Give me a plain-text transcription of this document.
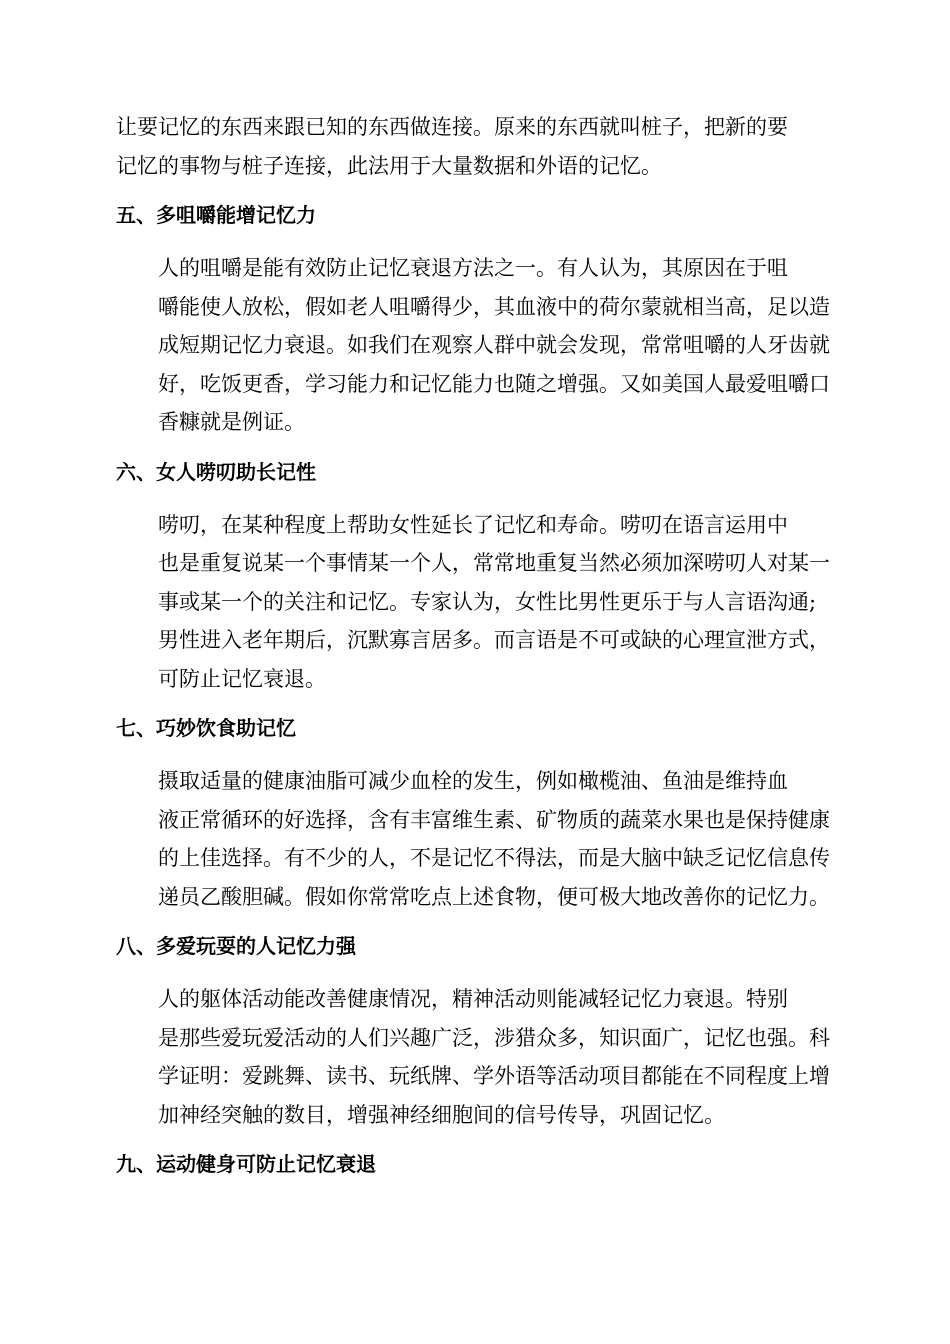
让要记忆的东西来跟已知的东西做连接。原来的东西就叫桩子，把新的要
记忆的事物与桩子连接，此法用于大量数据和外语的记忆。
五、多咀嚼能增记忆力
人的咀嚼是能有效防止记忆衰退方法之一。有人认为，其原因在于咀
嚼能使人放松，假如老人咀嚼得少，其血液中的荷尔蒙就相当高，足以造
成短期记忆力衰退。如我们在观察人群中就会发现，常常咀嚼的人牙齿就
好，吃饭更香，学习能力和记忆能力也随之增强。又如美国人最爱咀嚼口
香糠就是例证。
六、女人唠叨助长记性
唠叨，在某种程度上帮助女性延长了记忆和寿命。唠叨在语言运用中
也是重复说某一个事情某一个人，常常地重复当然必须加深唠叨人对某一
事或某一个的关注和记忆。专家认为，女性比男性更乐于与人言语沟通;
男性进入老年期后，沉默寡言居多。而言语是不可或缺的心理宣泄方式，
可防止记忆衰退。
七、巧妙饮食助记忆
摄取适量的健康油脂可减少血栓的发生，例如橄榄油、鱼油是维持血
液正常循环的好选择，含有丰富维生素、矿物质的蔬菜水果也是保持健康
的上佳选择。有不少的人，不是记忆不得法，而是大脑中缺乏记忆信息传
递员乙酸胆碱。假如你常常吃点上述食物，便可极大地改善你的记忆力。
八、多爱玩耍的人记忆力强
人的躯体活动能改善健康情况，精神活动则能减轻记忆力衰退。特别
是那些爱玩爱活动的人们兴趣广泛，涉猎众多，知识面广，记忆也强。科
学证明：爱跳舞、读书、玩纸牌、学外语等活动项目都能在不同程度上增
加神经突触的数目，增强神经细胞间的信号传导，巩固记忆。
九、运动健身可防止记忆衰退
